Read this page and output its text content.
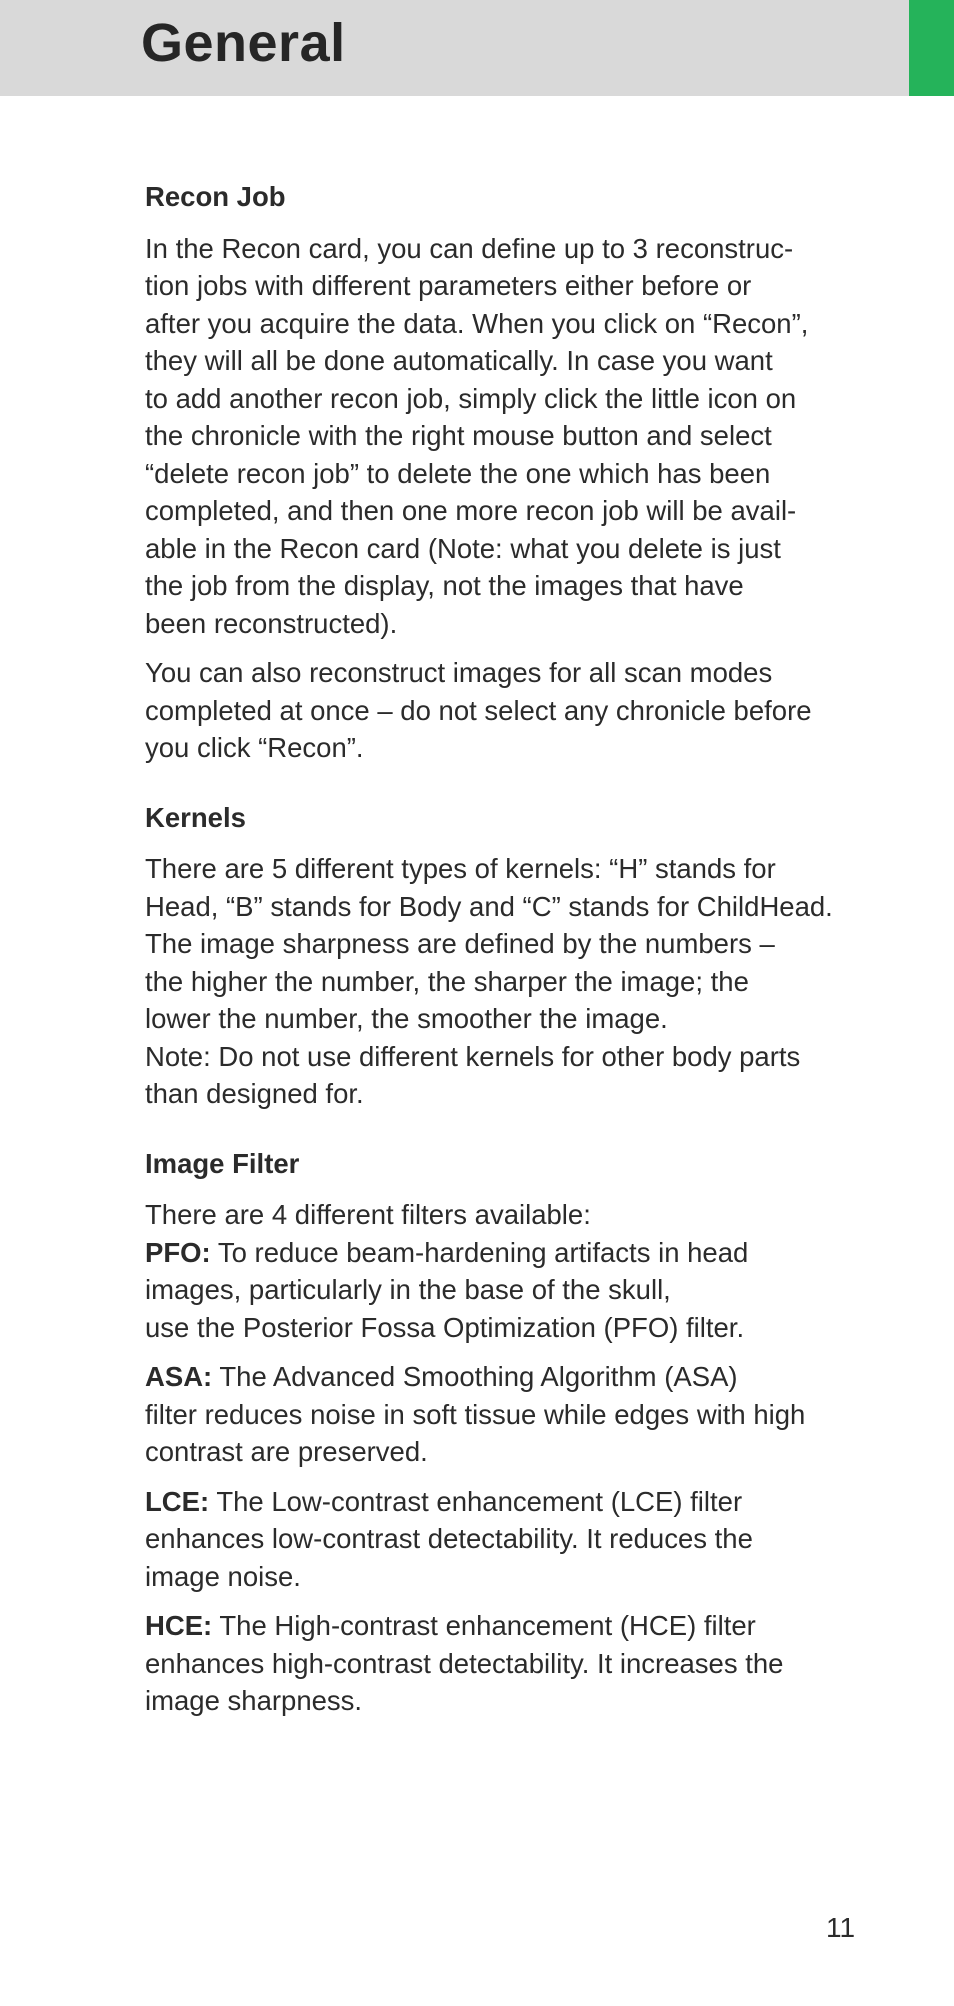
General
Recon Job

In the Recon card, you can define up to 3 reconstruc-
tion jobs with different parameters either before or
after you acquire the data. When you click on “Recon”,
they will all be done automatically. In case you want
to add another recon job, simply click the little icon on
the chronicle with the right mouse button and select
“delete recon job” to delete the one which has been
completed, and then one more recon job will be avail-
able in the Recon card (Note: what you delete is just
the job from the display, not the images that have
been reconstructed).

You can also reconstruct images for all scan modes
completed at once – do not select any chronicle before
you click “Recon”.

Kernels

There are 5 different types of kernels: “H” stands for
Head, “B” stands for Body and “C” stands for ChildHead.
The image sharpness are defined by the numbers –
the higher the number, the sharper the image; the
lower the number, the smoother the image.
Note: Do not use different kernels for other body parts
than designed for.

Image Filter

There are 4 different filters available:

PFO: To reduce beam-hardening artifacts in head
images, particularly in the base of the skull,
use the Posterior Fossa Optimization (PFO) filter.

ASA: The Advanced Smoothing Algorithm (ASA)
filter reduces noise in soft tissue while edges with high
contrast are preserved.

LCE: The Low-contrast enhancement (LCE) filter
enhances low-contrast detectability. It reduces the
image noise.

HCE: The High-contrast enhancement (HCE) filter
enhances high-contrast detectability. It increases the
image sharpness.

11
